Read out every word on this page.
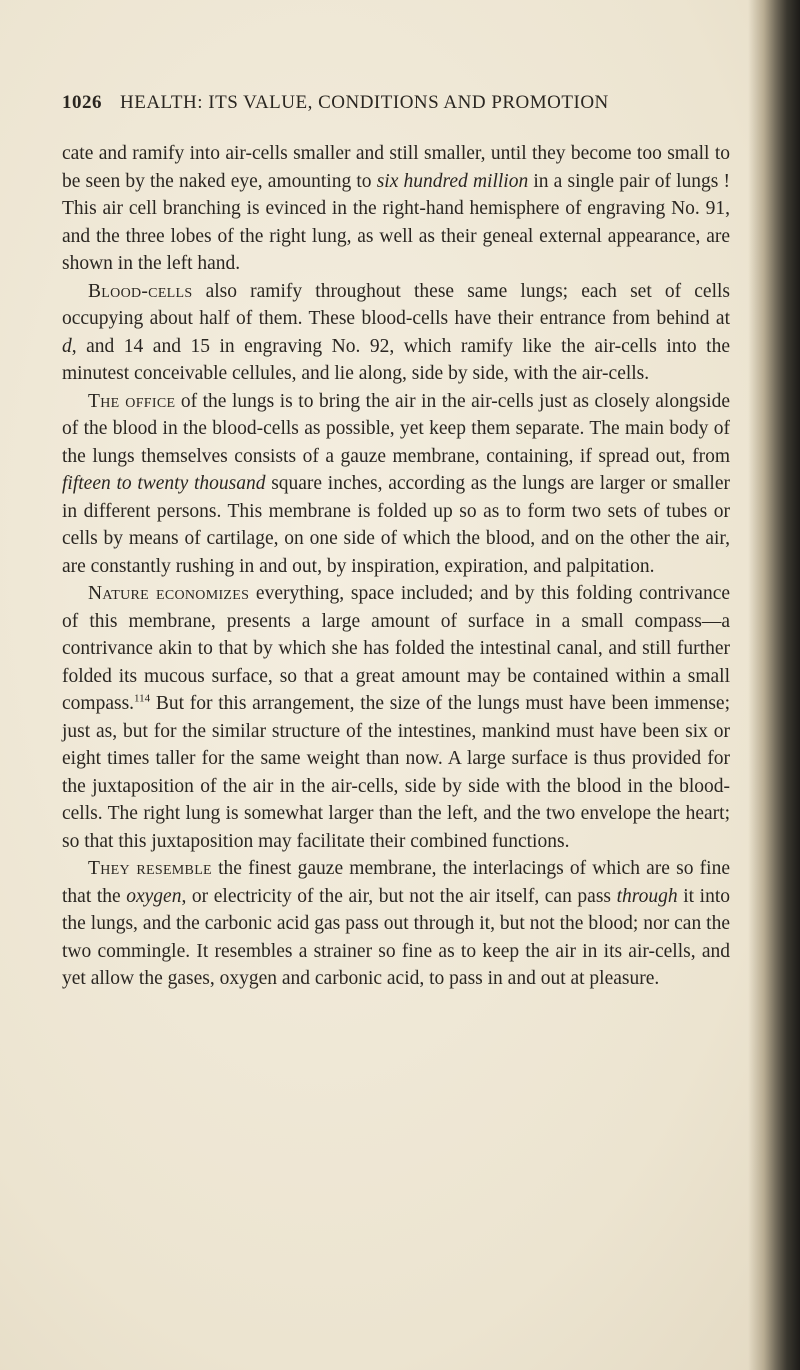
1026 HEALTH: ITS VALUE, CONDITIONS AND PROMOTION

cate and ramify into air-cells smaller and still smaller, until they become too small to be seen by the naked eye, amounting to six hundred million in a single pair of lungs ! This air cell branching is evinced in the right-hand hemisphere of engraving No. 91, and the three lobes of the right lung, as well as their geneal external appearance, are shown in the left hand.

Blood-cells also ramify throughout these same lungs; each set of cells occupying about half of them. These blood-cells have their entrance from behind at d, and 14 and 15 in engraving No. 92, which ramify like the air-cells into the minutest conceivable cellules, and lie along, side by side, with the air-cells.

The office of the lungs is to bring the air in the air-cells just as closely alongside of the blood in the blood-cells as possible, yet keep them separate. The main body of the lungs themselves consists of a gauze membrane, containing, if spread out, from fifteen to twenty thousand square inches, according as the lungs are larger or smaller in different persons. This membrane is folded up so as to form two sets of tubes or cells by means of cartilage, on one side of which the blood, and on the other the air, are constantly rushing in and out, by inspiration, expiration, and palpitation.

Nature economizes everything, space included; and by this folding contrivance of this membrane, presents a large amount of surface in a small compass—a contrivance akin to that by which she has folded the intestinal canal, and still further folded its mucous surface, so that a great amount may be contained within a small compass.$^{114}$ But for this arrangement, the size of the lungs must have been immense; just as, but for the similar structure of the intestines, mankind must have been six or eight times taller for the same weight than now. A large surface is thus provided for the juxtaposition of the air in the air-cells, side by side with the blood in the blood-cells. The right lung is somewhat larger than the left, and the two envelope the heart; so that this juxtaposition may facilitate their combined functions.

They resemble the finest gauze membrane, the interlacings of which are so fine that the oxygen, or electricity of the air, but not the air itself, can pass through it into the lungs, and the carbonic acid gas pass out through it, but not the blood; nor can the two commingle. It resembles a strainer so fine as to keep the air in its air-cells, and yet allow the gases, oxygen and carbonic acid, to pass in and out at pleasure.
